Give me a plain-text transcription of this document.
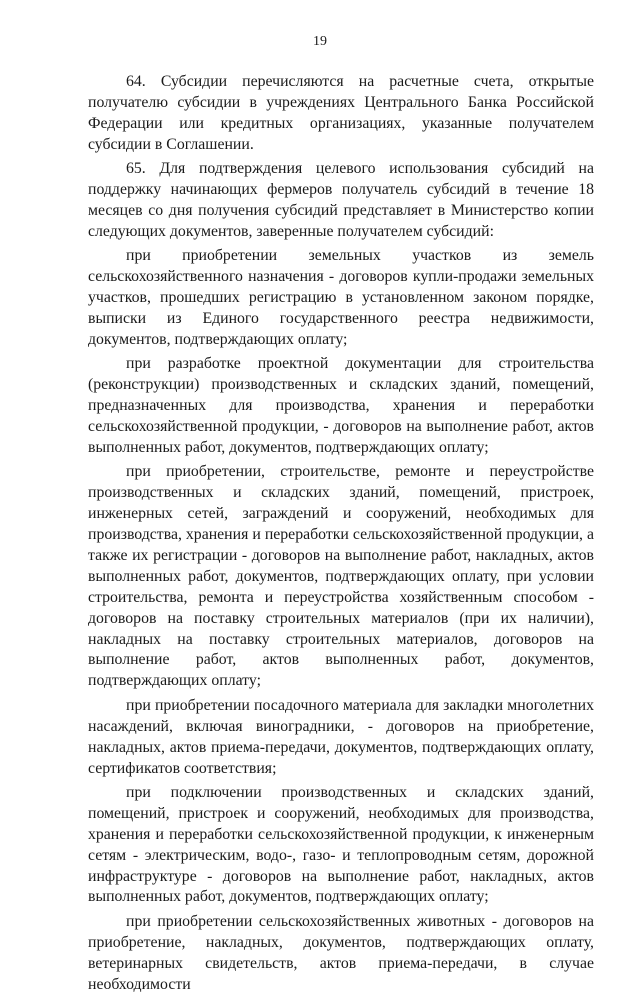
19

64. Субсидии перечисляются на расчетные счета, открытые получателю субсидии в учреждениях Центрального Банка Российской Федерации или кредитных организациях, указанные получателем субсидии в Соглашении.

65. Для подтверждения целевого использования субсидий на поддержку начинающих фермеров получатель субсидий в течение 18 месяцев со дня получения субсидий представляет в Министерство копии следующих документов, заверенные получателем субсидий:

при приобретении земельных участков из земель сельскохозяйственного назначения - договоров купли-продажи земельных участков, прошедших регистрацию в установленном законом порядке, выписки из Единого государственного реестра недвижимости, документов, подтверждающих оплату;

при разработке проектной документации для строительства (реконструкции) производственных и складских зданий, помещений, предназначенных для производства, хранения и переработки сельскохозяйственной продукции, - договоров на выполнение работ, актов выполненных работ, документов, подтверждающих оплату;

при приобретении, строительстве, ремонте и переустройстве производственных и складских зданий, помещений, пристроек, инженерных сетей, заграждений и сооружений, необходимых для производства, хранения и переработки сельскохозяйственной продукции, а также их регистрации - договоров на выполнение работ, накладных, актов выполненных работ, документов, подтверждающих оплату, при условии строительства, ремонта и переустройства хозяйственным способом - договоров на поставку строительных материалов (при их наличии), накладных на поставку строительных материалов, договоров на выполнение работ, актов выполненных работ, документов, подтверждающих оплату;

при приобретении посадочного материала для закладки многолетних насаждений, включая виноградники, - договоров на приобретение, накладных, актов приема-передачи, документов, подтверждающих оплату, сертификатов соответствия;

при подключении производственных и складских зданий, помещений, пристроек и сооружений, необходимых для производства, хранения и переработки сельскохозяйственной продукции, к инженерным сетям - электрическим, водо-, газо- и теплопроводным сетям, дорожной инфраструктуре - договоров на выполнение работ, накладных, актов выполненных работ, документов, подтверждающих оплату;

при приобретении сельскохозяйственных животных - договоров на приобретение, накладных, документов, подтверждающих оплату, ветеринарных свидетельств, актов приема-передачи, в случае необходимости
